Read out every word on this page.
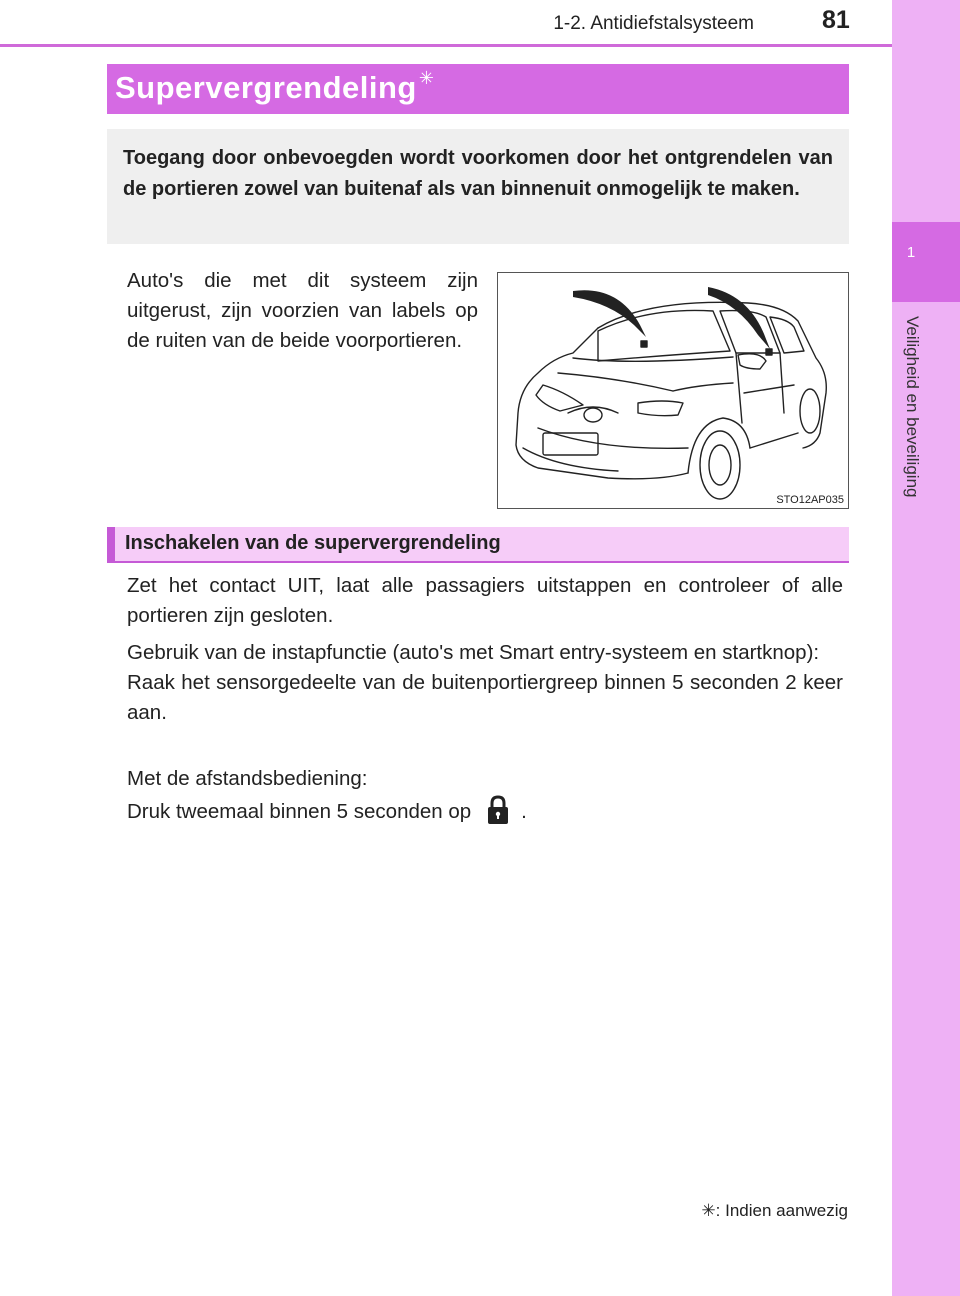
1
Veiligheid en beveiliging
1-2. Antidiefstalsysteem	81
Supervergrendeling ✳
Toegang door onbevoegden wordt voorkomen door het ontgrendelen van de portieren zowel van buitenaf als van binnenuit onmogelijk te maken.

Auto's die met dit systeem zijn uitgerust, zijn voorzien van labels op de ruiten van de beide voorportieren.

STO12AP035
Inschakelen van de supervergrendeling

Zet het contact UIT, laat alle passagiers uitstappen en controleer of alle portieren zijn gesloten.

Gebruik van de instapfunctie (auto's met Smart entry-systeem en startknop):
Raak het sensorgedeelte van de buitenportiergreep binnen 5 seconden 2 keer aan.

Met de afstandsbediening:
Druk tweemaal binnen 5 seconden op .

✳: Indien aanwezig
